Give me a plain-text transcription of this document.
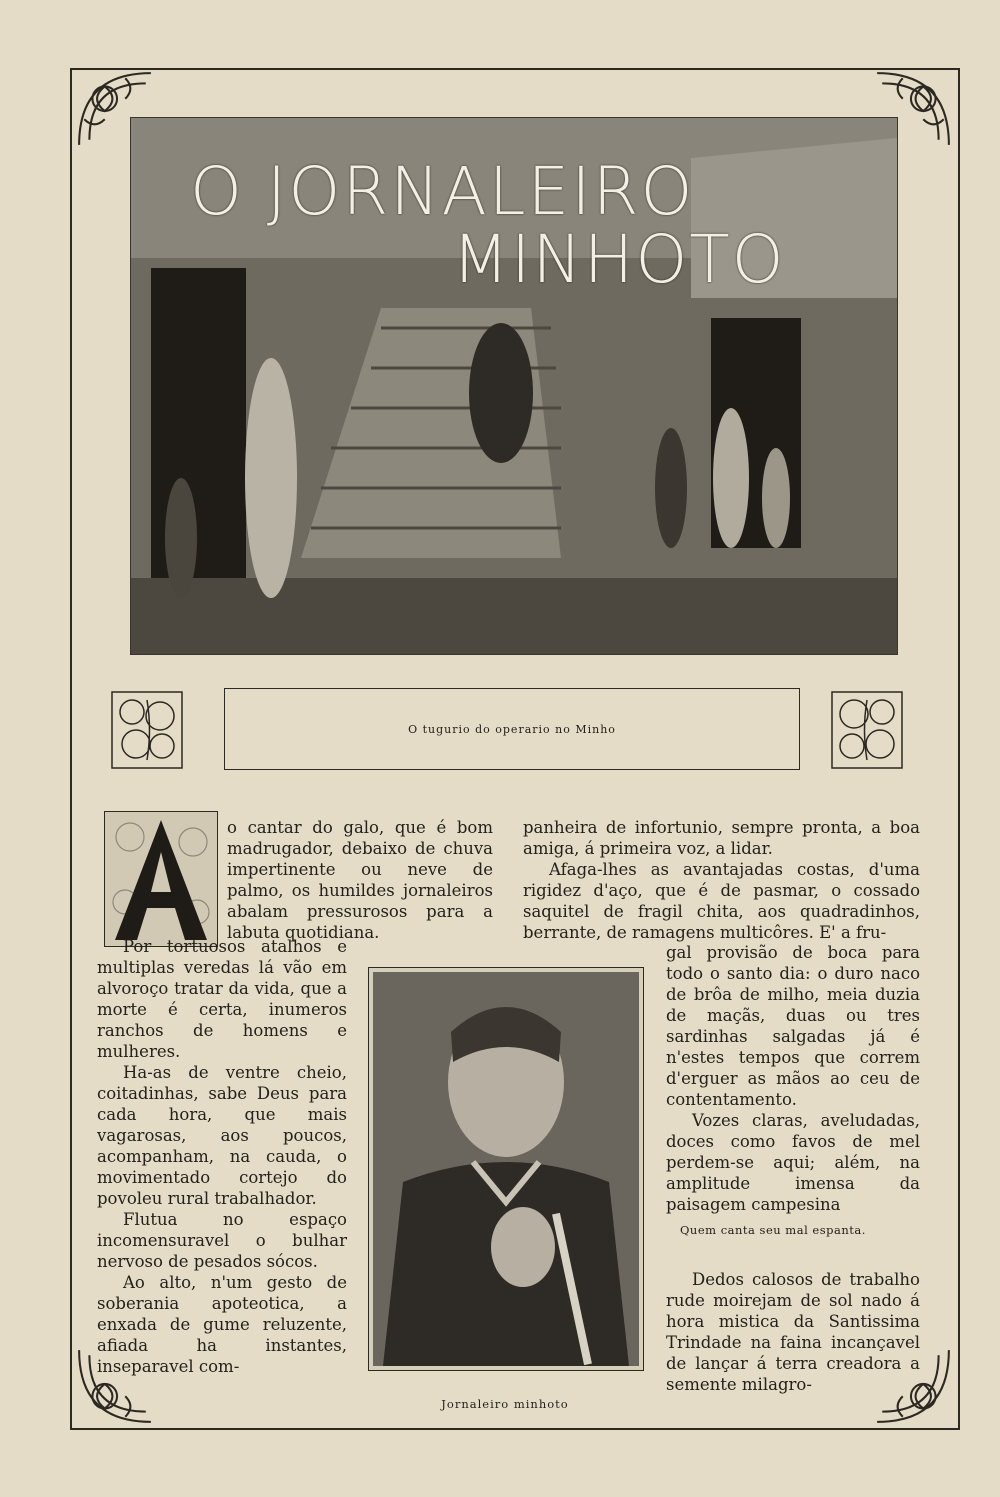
O JORNALEIRO
MINHOTO
O tugurio do operario no Minho
o cantar do galo, que é bom madrugador, debaixo de chuva impertinente ou neve de palmo, os humildes jornaleiros abalam pressurosos para a labuta quotidiana.

Por tortuosos atalhos e multiplas veredas lá vão em alvoroço tratar da vida, que a morte é certa, inumeros ranchos de homens e mulheres.

Ha-as de ventre cheio, coitadinhas, sabe Deus para cada hora, que mais vagarosas, aos poucos, acompanham, na cauda, o movimentado cortejo do povoleu rural trabalhador.

Flutua no espaço incomensuravel o bulhar nervoso de pesados sócos.

Ao alto, n'um gesto de soberania apoteotica, a enxada de gume reluzente, afiada ha instantes, inseparavel com-

panheira de infortunio, sempre pronta, a boa amiga, á primeira voz, a lidar.

Afaga-lhes as avantajadas costas, d'uma rigidez d'aço, que é de pasmar, o cossado saquitel de fragil chita, aos quadradinhos, berrante, de ramagens multicôres. E' a fru-

gal provisão de boca para todo o santo dia: o duro naco de brôa de milho, meia duzia de maçãs, duas ou tres sardinhas salgadas já é n'estes tempos que correm d'erguer as mãos ao ceu de contentamento.

Vozes claras, aveludadas, doces como favos de mel perdem-se aqui; além, na amplitude imensa da paisagem campesina

Dedos calosos de trabalho rude moirejam de sol nado á hora mistica da Santissima Trindade na faina incançavel de lançar á terra creadora a semente milagro-

Quem canta seu mal espanta.
Jornaleiro minhoto
